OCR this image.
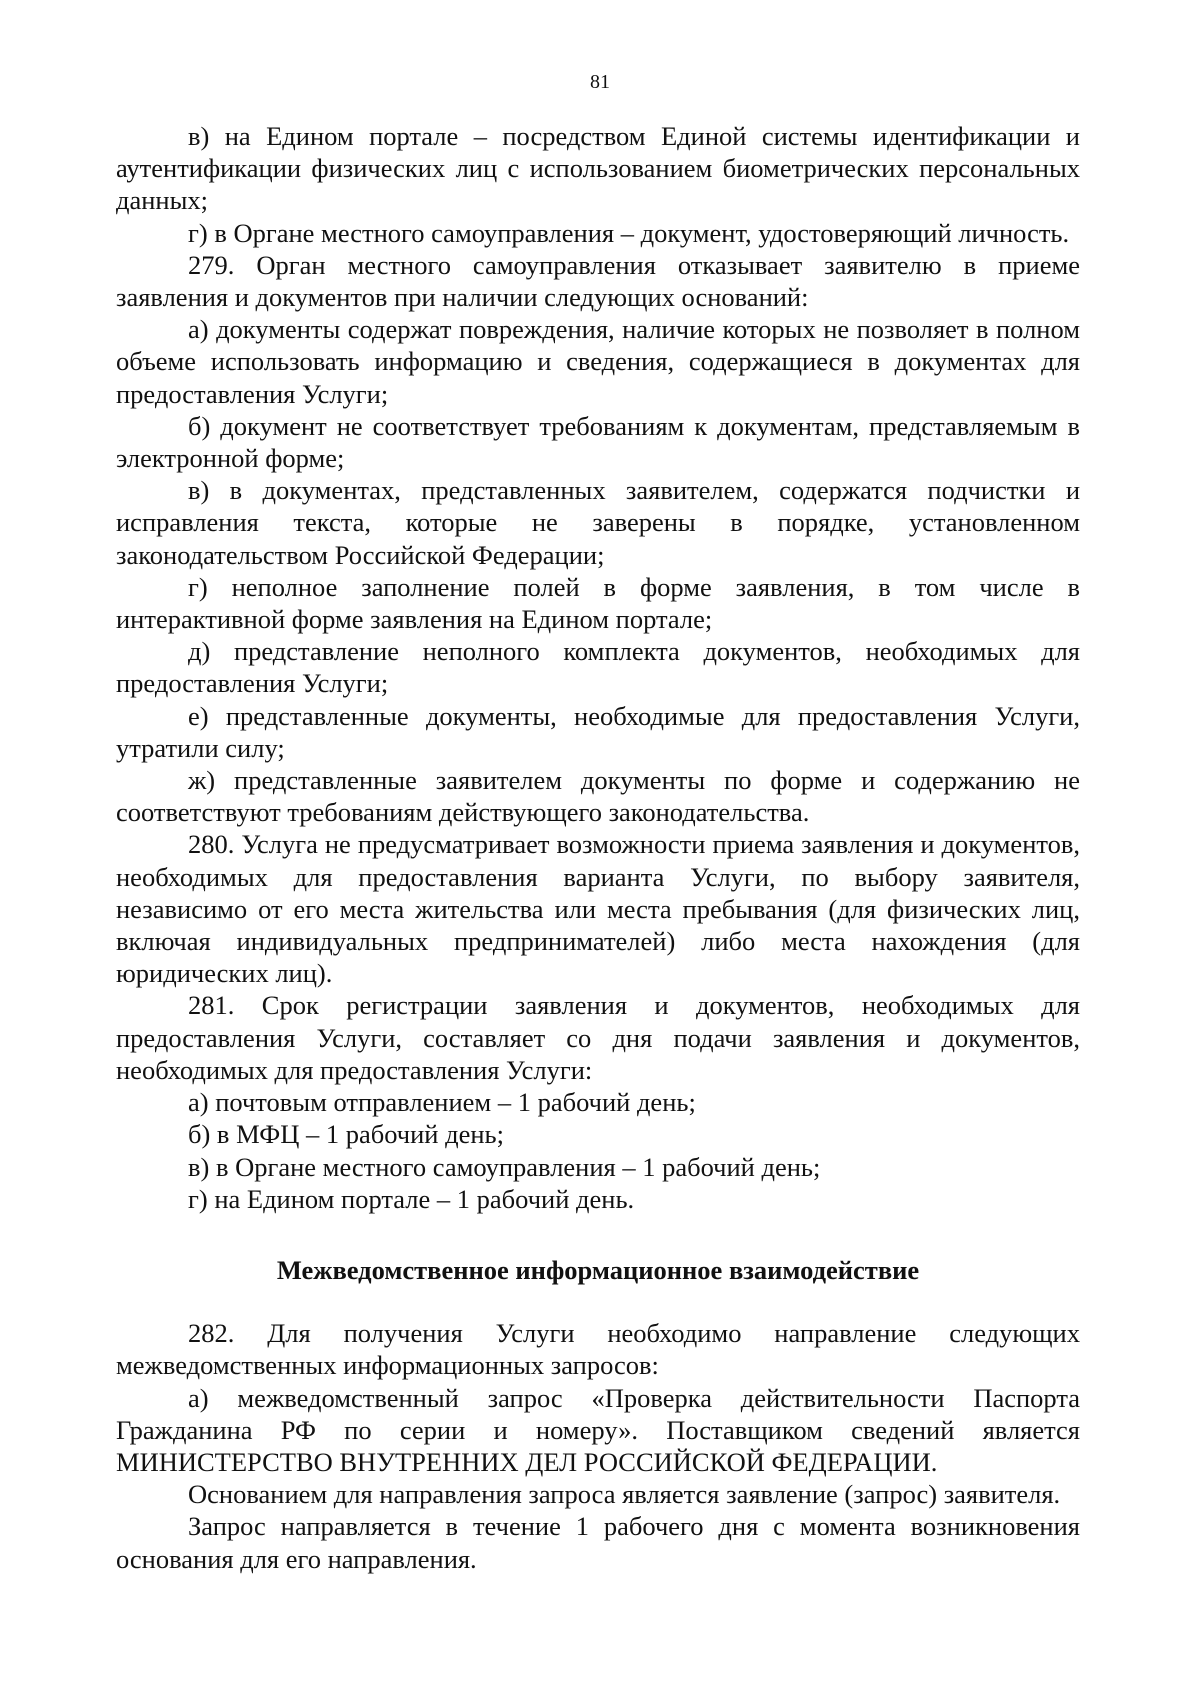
81

в) на Едином портале – посредством Единой системы идентификации и аутентификации физических лиц с использованием биометрических персональных данных;

г) в Органе местного самоуправления – документ, удостоверяющий личность.

279. Орган местного самоуправления отказывает заявителю в приеме заявления и документов при наличии следующих оснований:

а) документы содержат повреждения, наличие которых не позволяет в полном объеме использовать информацию и сведения, содержащиеся в документах для предоставления Услуги;

б) документ не соответствует требованиям к документам, представляемым в электронной форме;

в) в документах, представленных заявителем, содержатся подчистки и исправления текста, которые не заверены в порядке, установленном законодательством Российской Федерации;

г) неполное заполнение полей в форме заявления, в том числе в интерактивной форме заявления на Едином портале;

д) представление неполного комплекта документов, необходимых для предоставления Услуги;

е) представленные документы, необходимые для предоставления Услуги, утратили силу;

ж) представленные заявителем документы по форме и содержанию не соответствуют требованиям действующего законодательства.

280. Услуга не предусматривает возможности приема заявления и документов, необходимых для предоставления варианта Услуги, по выбору заявителя, независимо от его места жительства или места пребывания (для физических лиц, включая индивидуальных предпринимателей) либо места нахождения (для юридических лиц).

281. Срок регистрации заявления и документов, необходимых для предоставления Услуги, составляет со дня подачи заявления и документов, необходимых для предоставления Услуги:

а) почтовым отправлением – 1 рабочий день;

б) в МФЦ – 1 рабочий день;

в) в Органе местного самоуправления – 1 рабочий день;

г) на Едином портале – 1 рабочий день.

Межведомственное информационное взаимодействие

282. Для получения Услуги необходимо направление следующих межведомственных информационных запросов:

а) межведомственный запрос «Проверка действительности Паспорта Гражданина РФ по серии и номеру». Поставщиком сведений является МИНИСТЕРСТВО ВНУТРЕННИХ ДЕЛ РОССИЙСКОЙ ФЕДЕРАЦИИ.

Основанием для направления запроса является заявление (запрос) заявителя.

Запрос направляется в течение 1 рабочего дня с момента возникновения основания для его направления.
